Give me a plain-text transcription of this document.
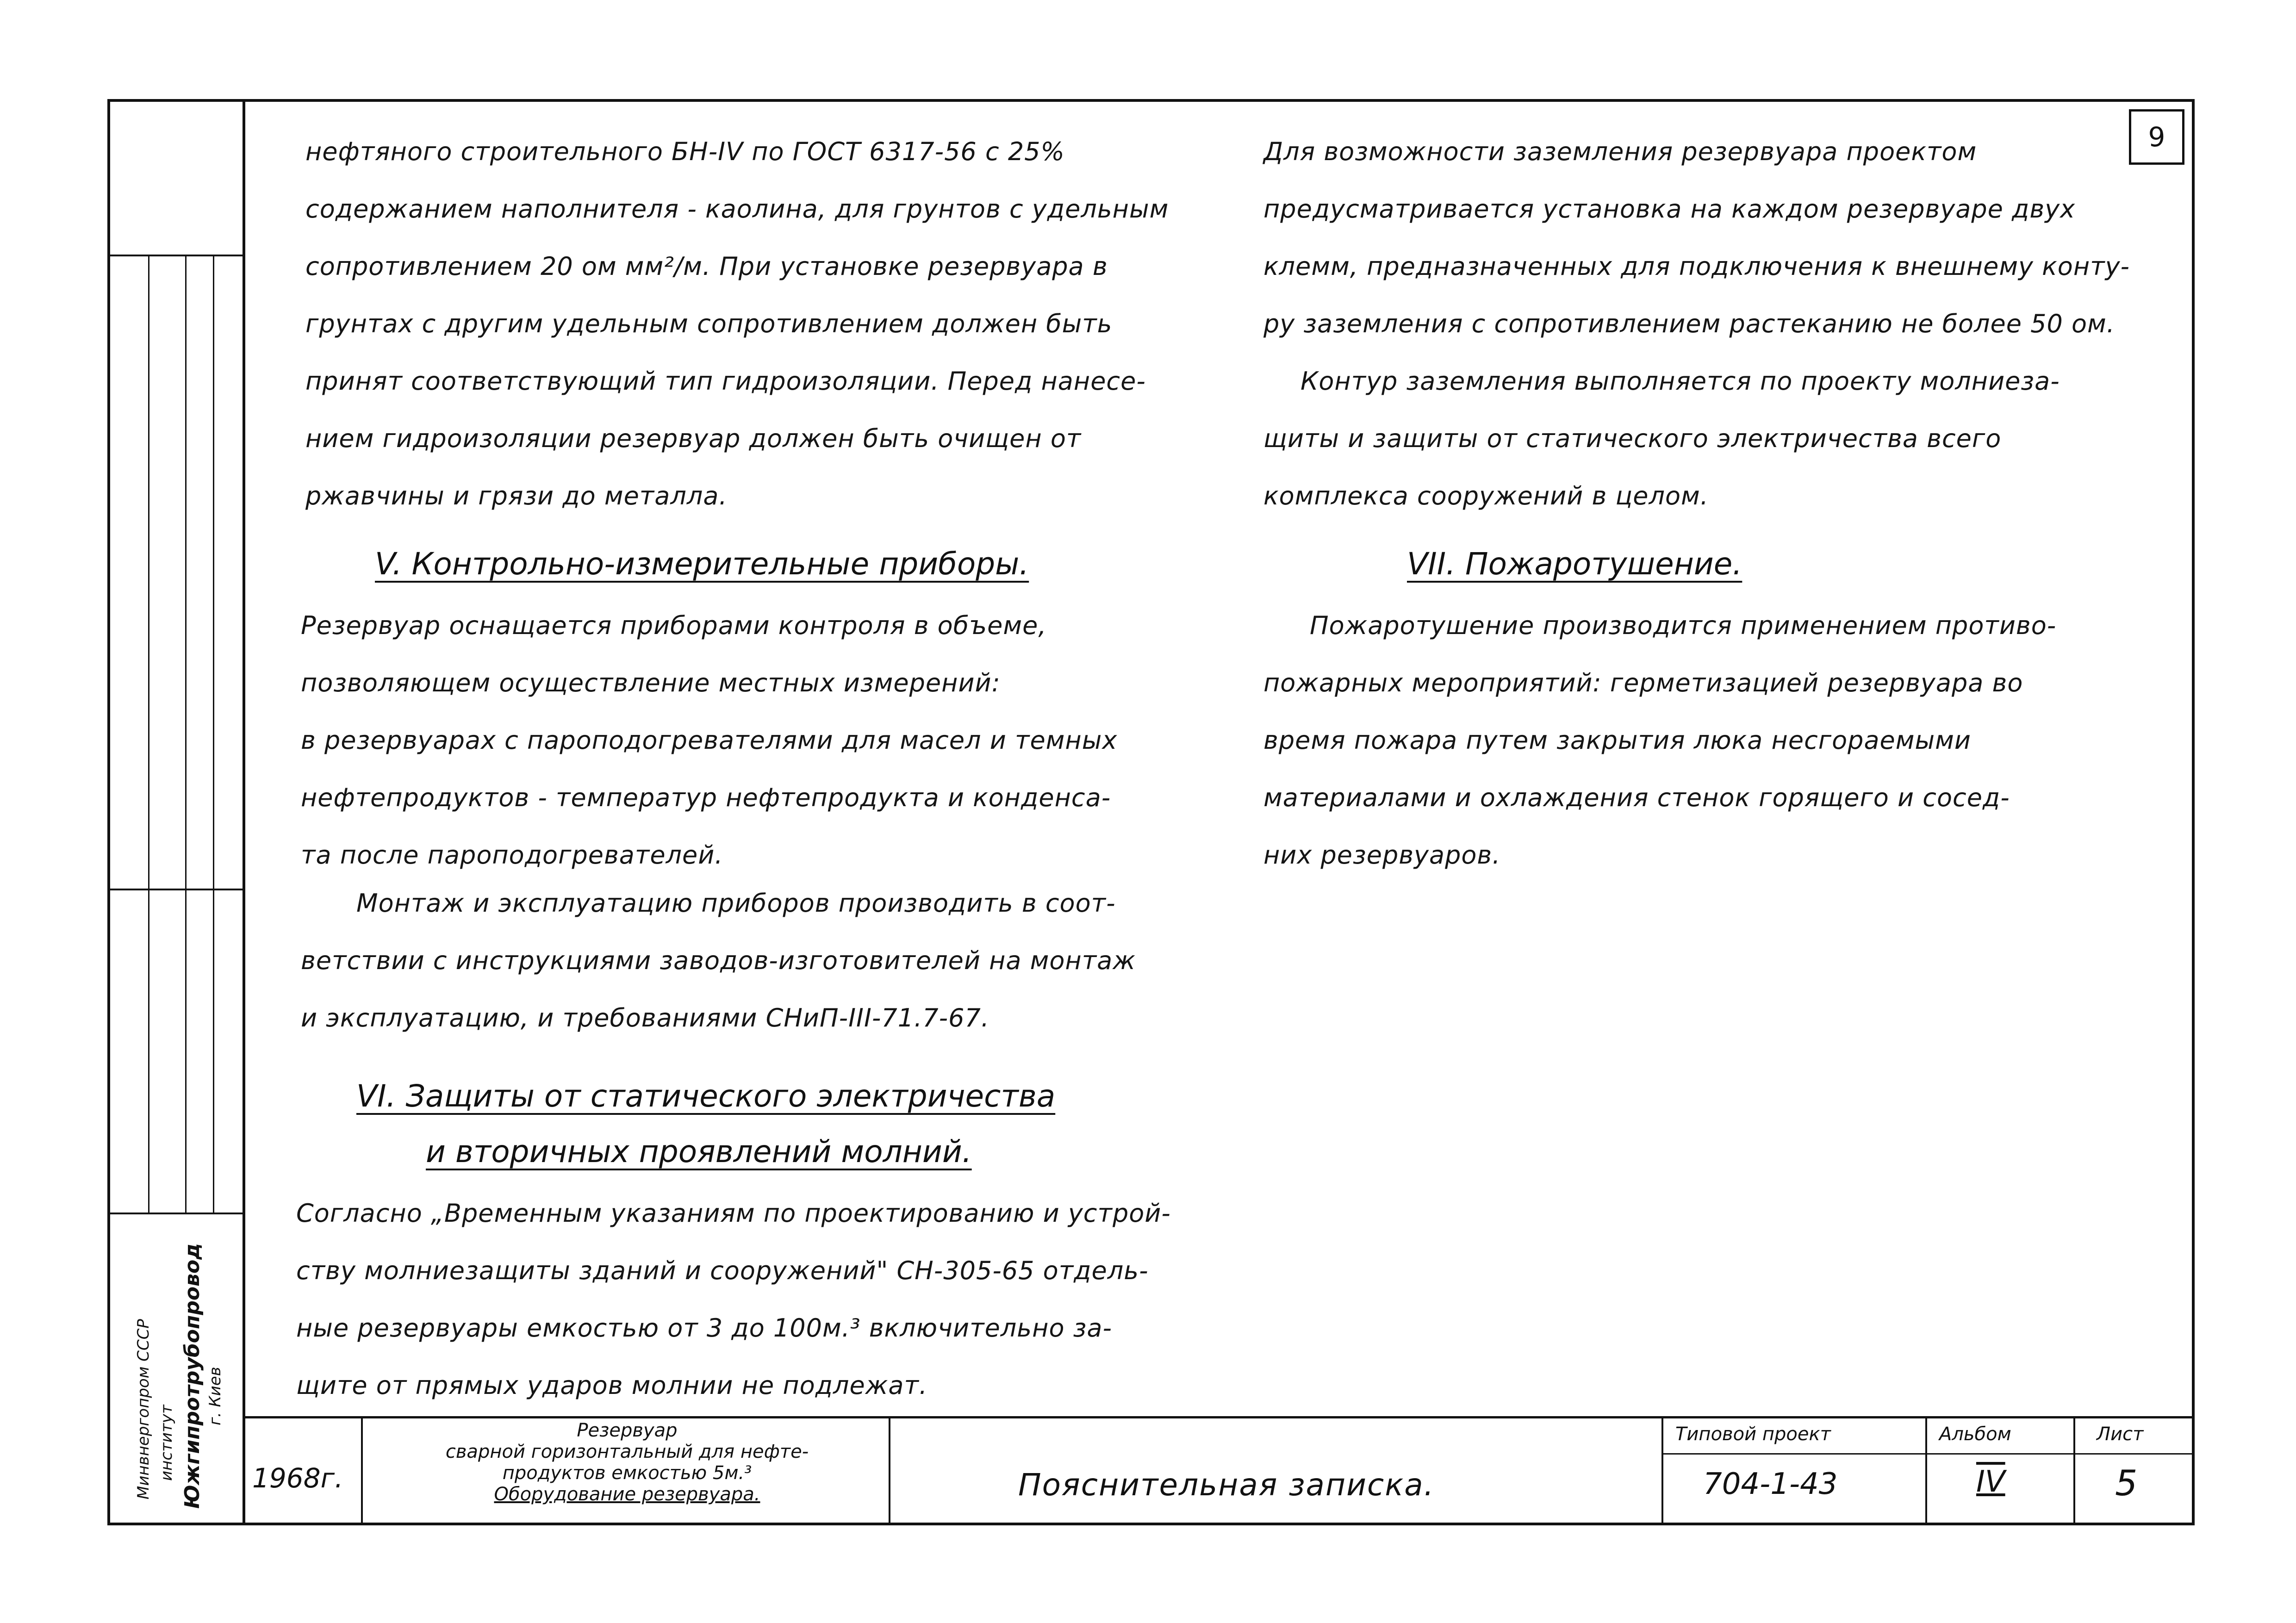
9
нефтяного строительного БН-IV по ГОСТ 6317-56 с 25%
содержанием наполнителя - каолина, для грунтов с удельным
сопротивлением 20 ом мм²/м. При установке резервуара в
грунтах с другим удельным сопротивлением должен быть
принят соответствующий тип гидроизоляции. Перед нанесе-
нием гидроизоляции резервуар должен быть очищен от
ржавчины и грязи до металла.
V. Контрольно-измерительные приборы.
Резервуар оснащается приборами контроля в объеме,
позволяющем осуществление местных измерений:
в резервуарах с пароподогревателями для масел и темных
нефтепродуктов - температур нефтепродукта и конденса-
та после пароподогревателей.
Монтаж и эксплуатацию приборов производить в соот-
ветствии с инструкциями заводов-изготовителей на монтаж
и эксплуатацию, и требованиями СНиП-III-71.7-67.
VI. Защиты от статического электричества
и вторичных проявлений молний.
Согласно „Временным указаниям по проектированию и устрой-
ству молниезащиты зданий и сооружений" СН-305-65 отдель-
ные резервуары емкостью от 3 до 100м.³ включительно за-
щите от прямых ударов молнии не подлежат.
Для возможности заземления резервуара проектом
предусматривается установка на каждом резервуаре двух
клемм, предназначенных для подключения к внешнему конту-
ру заземления с сопротивлением растеканию не более 50 ом.
Контур заземления выполняется по проекту молниеза-
щиты и защиты от статического электричества всего
комплекса сооружений в целом.
VII. Пожаротушение.
Пожаротушение производится применением противо-
пожарных мероприятий: герметизацией резервуара во
время пожара путем закрытия люка несгораемыми
материалами и охлаждения стенок горящего и сосед-
них резервуаров.
Минвнергопром СССР институт Южгипротрубопровод г. Киев
1968г.
Резервуар
сварной горизонтальный для нефте-
продуктов емкостью 5м.³
Оборудование резервуара.	Пояснительная записка.
Типовой проект
704-1-43
Альбом
IV
Лист
5
